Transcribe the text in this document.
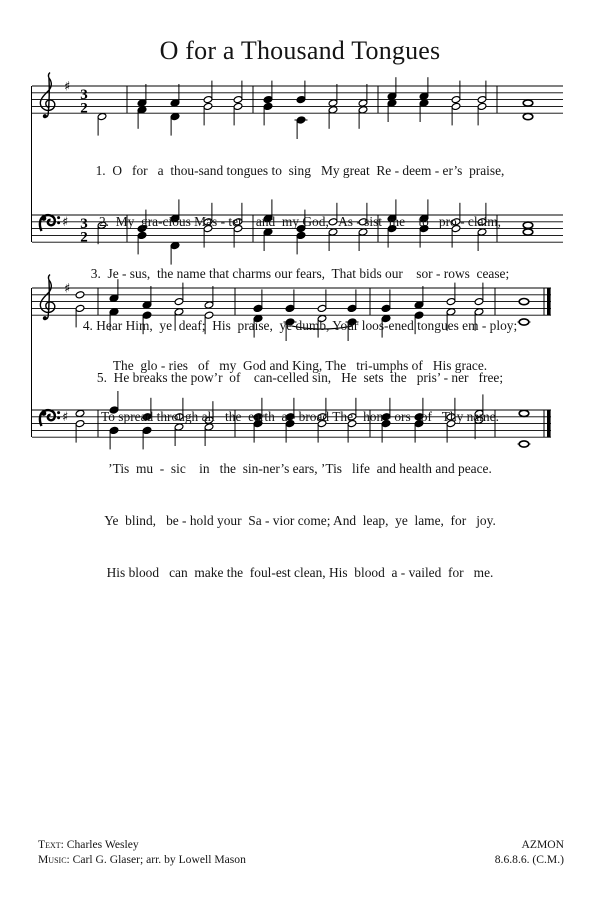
O for a Thousand Tongues
♯ 3
2
♯ 3
2
♯
♯

1.  O   for   a  thou-sand tongues to  sing   My great  Re - deem - er’s  praise,

2.  My  gra-cious Mas - ter    and  my God,   As - sist  me    to   pro - claim,

3.  Je - sus,  the name that charms our fears,  That bids our    sor - rows  cease;

4. Hear Him,  ye  deaf;  His  praise,  ye dumb, Your loos-ened tongues em - ploy;

5.  He breaks the pow’r  of    can-celled sin,   He  sets  the   pris’ - ner   free;

The  glo - ries   of   my  God and King, The   tri-umphs of   His grace.

To spread through all   the  earth  a - broad The   hon - ors   of   Thy name.

’Tis  mu  -  sic    in   the  sin-ner’s ears, ’Tis   life  and health and peace.

Ye  blind,   be - hold your  Sa - vior come; And  leap,  ye  lame,  for   joy.

His blood   can  make the  foul-est clean, His  blood  a - vailed  for   me.

Text: Charles Wesley
Music: Carl G. Glaser; arr. by Lowell Mason
AZMON
8.6.8.6. (C.M.)
